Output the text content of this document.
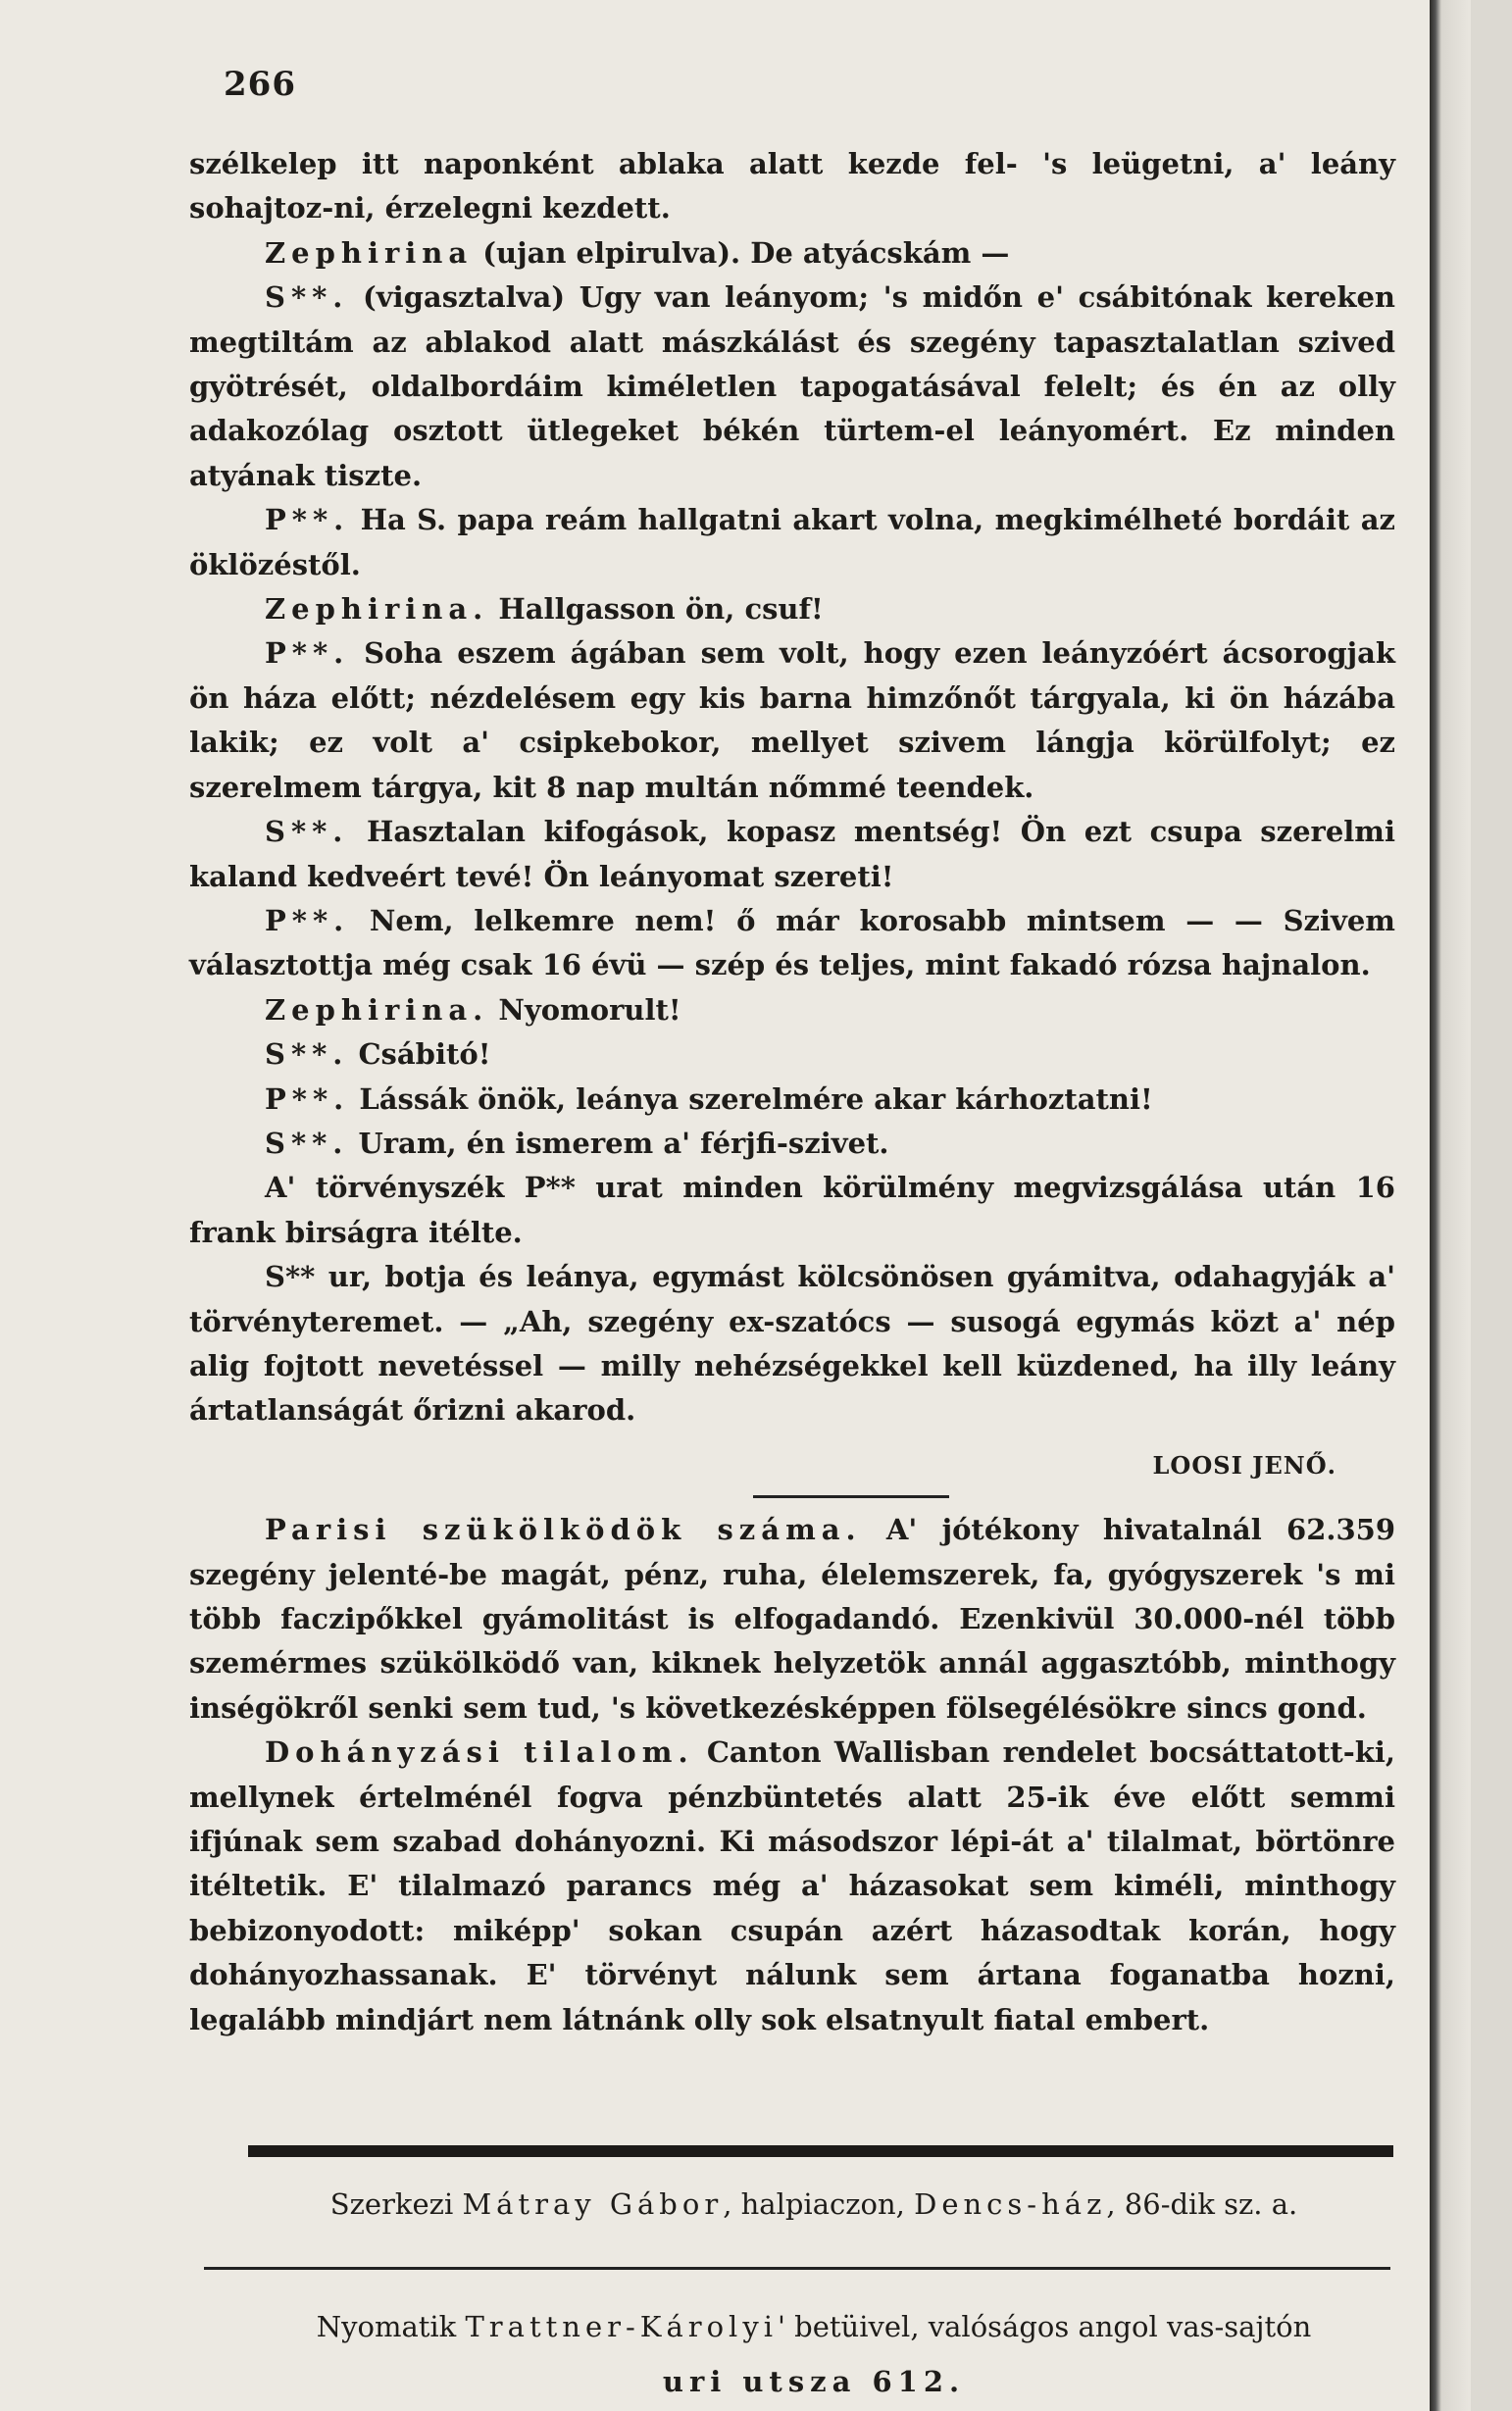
266

szélkelep itt naponként ablaka alatt kezde fel- 's leügetni, a' leány sohajtoz-ni, érzelegni kezdett.

Zephirina (ujan elpirulva). De atyácskám —

S**. (vigasztalva) Ugy van leányom; 's midőn e' csábitónak kereken megtiltám az ablakod alatt mászkálást és szegény tapasztalatlan szived gyötrését, oldalbordáim kiméletlen tapogatásával felelt; és én az olly adakozólag osztott ütlegeket békén türtem-el leányomért. Ez minden atyának tiszte.

P**. Ha S. papa reám hallgatni akart volna, megkimélheté bordáit az öklözéstől.

Zephirina. Hallgasson ön, csuf!

P**. Soha eszem ágában sem volt, hogy ezen leányzóért ácsorogjak ön háza előtt; nézdelésem egy kis barna himzőnőt tárgyala, ki ön házába lakik; ez volt a' csipkebokor, mellyet szivem lángja körülfolyt; ez szerelmem tárgya, kit 8 nap multán nőmmé teendek.

S**. Hasztalan kifogások, kopasz mentség! Ön ezt csupa szerelmi kaland kedveért tevé! Ön leányomat szereti!

P**. Nem, lelkemre nem! ő már korosabb mintsem — — Szivem választottja még csak 16 évü — szép és teljes, mint fakadó rózsa hajnalon.

Zephirina. Nyomorult!

S**. Csábitó!

P**. Lássák önök, leánya szerelmére akar kárhoztatni!

S**. Uram, én ismerem a' férjfi-szivet.

A' törvényszék P** urat minden körülmény megvizsgálása után 16 frank birságra itélte.

S** ur, botja és leánya, egymást kölcsönösen gyámitva, odahagyják a' törvényteremet. — „Ah, szegény ex-szatócs — susogá egymás közt a' nép alig fojtott nevetéssel — milly nehézségekkel kell küzdened, ha illy leány ártatlanságát őrizni akarod.

LOOSI JENŐ.

Parisi szükölködök száma. A' jótékony hivatalnál 62.359 szegény jelenté-be magát, pénz, ruha, élelemszerek, fa, gyógyszerek 's mi több faczipőkkel gyámolitást is elfogadandó. Ezenkivül 30.000-nél több szemérmes szükölködő van, kiknek helyzetök annál aggasztóbb, minthogy inségökről senki sem tud, 's következésképpen fölsegélésökre sincs gond.

Dohányzási tilalom. Canton Wallisban rendelet bocsáttatott-ki, mellynek értelménél fogva pénzbüntetés alatt 25-ik éve előtt semmi ifjúnak sem szabad dohányozni. Ki másodszor lépi-át a' tilalmat, börtönre itéltetik. E' tilalmazó parancs még a' házasokat sem kiméli, minthogy bebizonyodott: miképp' sokan csupán azért házasodtak korán, hogy dohányozhassanak. E' törvényt nálunk sem ártana foganatba hozni, legalább mindjárt nem látnánk olly sok elsatnyult fiatal embert.

Szerkezi Mátray Gábor, halpiaczon, Dencs-ház, 86-dik sz. a.
Nyomatik Trattner-Károlyi' betüivel, valóságos angol vas-sajtón
uri utsza 612.
